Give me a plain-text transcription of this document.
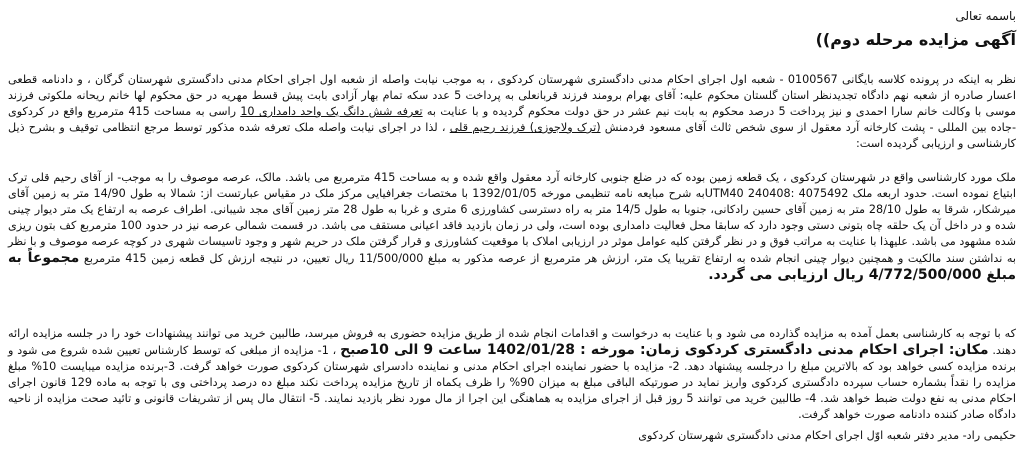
باسمه تعالی
آگهی مزایده مرحله دوم))
نظر به اینکه در پرونده کلاسه بایگانی 0100567 - شعبه اول اجرای احکام مدنی دادگستری شهرستان کردکوی ، به موجب نیابت واصله از شعبه اول اجرای احکام مدنی دادگستری شهرستان گرگان ، و دادنامه قطعی اعسار صادره از شعبه نهم دادگاه تجدیدنظر استان گلستان محکوم علیه: آقای بهرام برومند فرزند قربانعلی به پرداخت 5 عدد سکه تمام بهار آزادی بابت پیش قسط مهریه در حق محکوم لها خانم ریحانه ملکوتی فرزند موسی با وکالت خانم سارا احمدی و نیز پرداخت 5 درصد محکوم به بابت نیم عشر در حق دولت محکوم گردیده و با عنایت به تعرفه شش دانگ یک واحد دامداری 10 راسی به مساحت 415 مترمربع واقع در کردکوی -جاده بین المللی - پشت کارخانه آرد معقول از سوی شخص ثالث آقای مسعود فردمنش (ترک ولاجوزی) فرزند رحیم قلی ، لذا در اجرای نیابت واصله ملک تعرفه شده مذکور توسط مرجع انتظامی توقیف و بشرح ذیل کارشناسی و ارزیابی گردیده است:
ملک مورد کارشناسی واقع در شهرستان کردکوی ، یک قطعه زمین بوده که در ضلع جنوبی کارخانه آرد معقول واقع شده و به مساحت 415 مترمربع می باشد. مالک، عرصه موصوف را به موجب- از آقای رحیم قلی ترک ابتیاع نموده است. حدود اربعه ملک 4075492 :UTM40 240408به شرح مبایعه نامه تنظیمی مورخه 1392/01/05 با مختصات جغرافیایی مرکز ملک در مقیاس عبارتست از: شمالا به طول 14/90 متر به زمین آقای میرشکار، شرقا به طول 28/10 متر به زمین آقای حسین رادکانی، جنوبا به طول 14/5 متر به راه دسترسی کشاورزی 6 متری و غربا به طول 28 متر زمین آقای مجد شیبانی. اطراف عرصه به ارتفاع یک متر دیوار چینی شده و در داخل آن یک حلقه چاه بتونی دستی وجود دارد که سابقا محل فعالیت دامداری بوده است، ولی در زمان بازدید فاقد اعیانی مستقف می باشد. در قسمت شمالی عرصه نیز در حدود 100 مترمربع کف بتون ریزی شده مشهود می باشد. علیهذا با عنایت به مراتب فوق و در نظر گرفتن کلیه عوامل موثر در ارزیابی املاک با موقعیت کشاورزی و قرار گرفتن ملک در حریم شهر و وجود تاسیسات شهری در کوچه عرصه موصوف و با نظر به نداشتن سند مالکیت و همچنین دیوار چینی انجام شده به ارتفاع تقریبا یک متر، ارزش هر مترمربع از عرصه مذکور به مبلغ 11/500/000 ریال تعیین، در نتیجه ارزش کل قطعه زمین 415 مترمربع مجموعاً به مبلغ 4/772/500/000 ریال ارزیابی می گردد.
که با توجه به کارشناسی بعمل آمده به مزایده گذارده می شود و با عنایت به درخواست و اقدامات انجام شده از طریق مزایده حضوری به فروش میرسد، طالبین خرید می توانند پیشنهادات خود را در جلسه مزایده ارائه دهند. مکان: اجرای احکام مدنی دادگستری کردکوی زمان: مورخه : 1402/01/28 ساعت 9 الی 10صبح ، 1- مزایده از مبلغی که توسط کارشناس تعیین شده شروع می شود و برنده مزایده کسی خواهد بود که بالاترین مبلغ را درجلسه پیشنهاد دهد. 2- مزایده با حضور نماینده اجرای احکام مدنی و نماینده دادسرای شهرستان کردکوی صورت خواهد گرفت. 3-برنده مزایده میبایست 10% مبلغ مزایده را نقداً بشماره حساب سپرده دادگستری کردکوی واریز نماید در صورتیکه الباقی مبلغ به میزان 90% را ظرف یکماه از تاریخ مزایده پرداخت نکند مبلغ ده درصد پرداختی وی با توجه به ماده 129 قانون اجرای احکام مدنی به نفع دولت ضبط خواهد شد. 4- طالبین خرید می توانند 5 روز قبل از اجرای مزایده به هماهنگی این اجرا از مال مورد نظر بازدید نمایند. 5- انتقال مال پس از تشریفات قانونی و تائید صحت مزایده از ناحیه دادگاه صادر کننده دادنامه صورت خواهد گرفت.
حکیمی راد- مدیر دفتر شعبه اوّل اجرای احکام مدنی دادگستری شهرستان کردکوی
